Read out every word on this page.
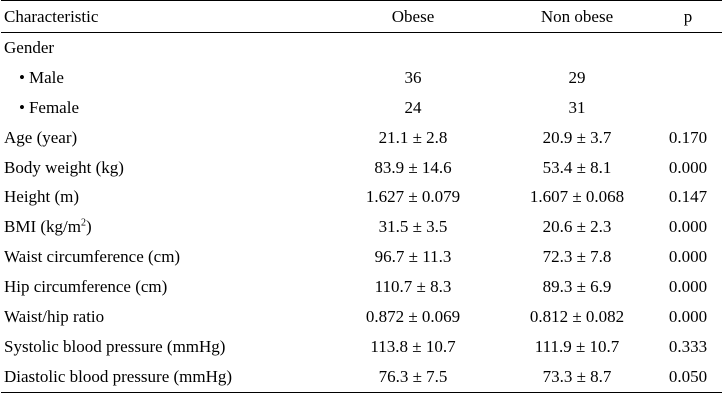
Characteristic	Obese	Non obese	p
Gender			
• Male	36	29	
• Female	24	31	
Age (year)	21.1 ± 2.8	20.9 ± 3.7	0.170
Body weight (kg)	83.9 ± 14.6	53.4 ± 8.1	0.000
Height (m)	1.627 ± 0.079	1.607 ± 0.068	0.147
BMI $(kg/m^2)$	31.5 ± 3.5	20.6 ± 2.3	0.000
Waist circumference (cm)	96.7 ± 11.3	72.3 ± 7.8	0.000
Hip circumference (cm)	110.7 ± 8.3	89.3 ± 6.9	0.000
Waist/hip ratio	0.872 ± 0.069	0.812 ± 0.082	0.000
Systolic blood pressure (mmHg)	113.8 ± 10.7	111.9 ± 10.7	0.333
Diastolic blood pressure (mmHg)	76.3 ± 7.5	73.3 ± 8.7	0.050
